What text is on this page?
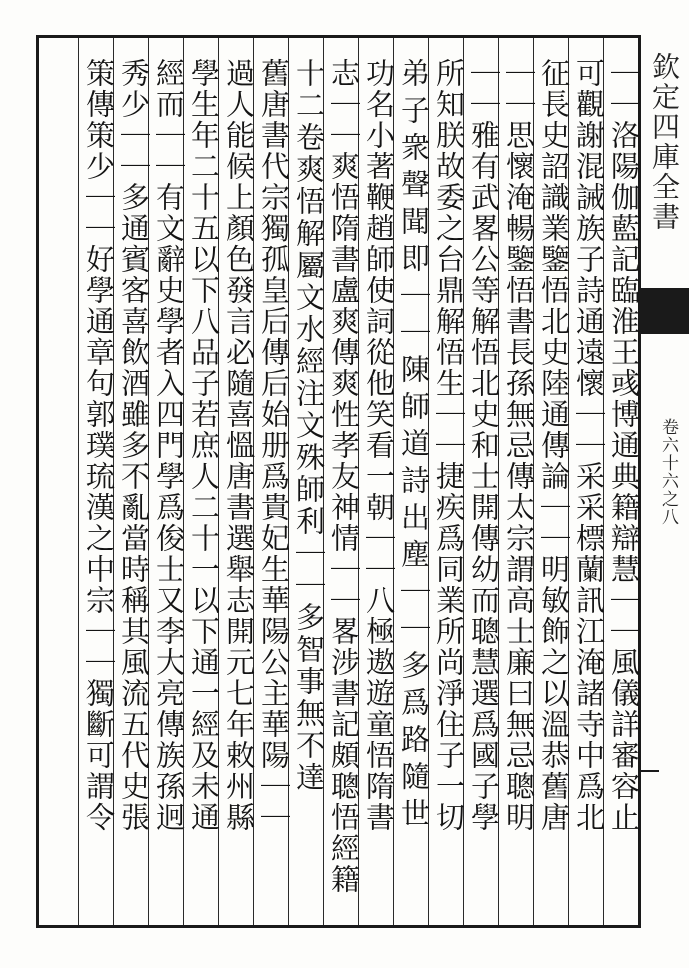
欽定四庫全書
卷六十六之八
｜｜洛陽伽藍記臨淮王彧博通典籍辯慧｜｜風儀詳審容止
可觀謝混誡族子詩通遠懷｜｜采采標蘭訊江淹諸寺中爲北
征長史詔識業鑒悟北史陸通傳論｜｜明敏飾之以溫恭舊唐
｜｜思懷淹暢鑒悟書長孫無忌傳太宗謂高士廉曰無忌聰明
｜｜雅有武畧公等解悟北史和士開傳幼而聰慧選爲國子學
所知朕故委之台鼎解悟生｜｜捷疾爲同業所尚淨住子一切
弟子衆聲聞即｜｜陳師道詩出塵｜｜多爲路隨世
功名小著鞭趙師使詞從他笑看一朝｜｜八極遨遊童悟隋書
志｜｜爽悟隋書盧爽傳爽性孝友神情｜｜畧涉書記頗聰悟經籍
十二卷爽悟解屬文水經注文殊師利｜｜多智事無不達
舊唐書代宗獨孤皇后傳后始册爲貴妃生華陽公主華陽｜｜
過人能候上顏色發言必隨喜慍唐書選舉志開元七年敕州縣
學生年二十五以下八品子若庶人二十一以下通一經及未通
經而｜｜有文辭史學者入四門學爲俊士又李大亮傳族孫迥
秀少｜｜多通賓客喜飲酒雖多不亂當時稱其風流五代史張
策傳策少｜｜好學通章句郭璞琉漢之中宗｜｜獨斷可謂令
